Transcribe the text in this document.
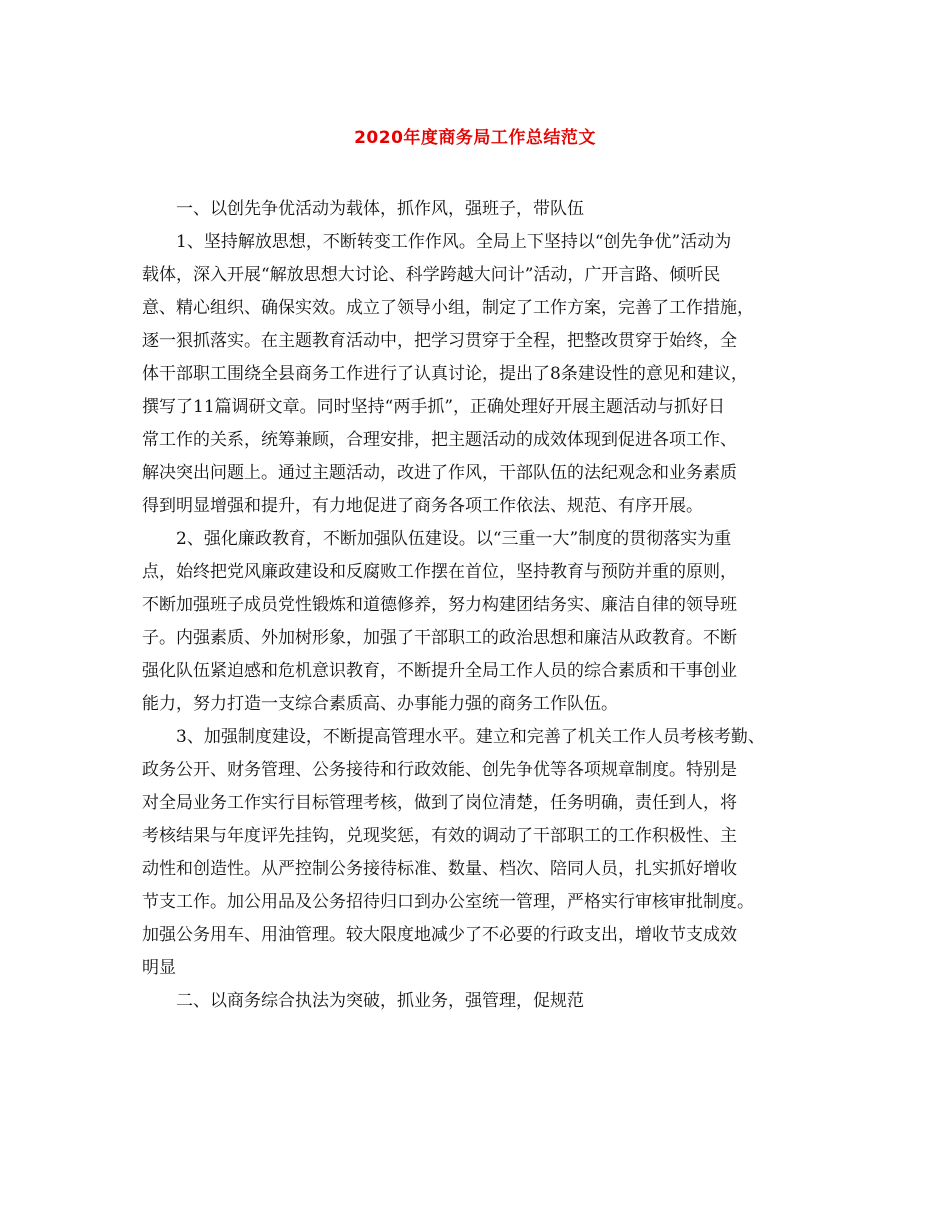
2020年度商务局工作总结范文
一、以创先争优活动为载体，抓作风，强班子，带队伍
1、坚持解放思想，不断转变工作作风。全局上下坚持以“创先争优”活动为
载体，深入开展“解放思想大讨论、科学跨越大问计”活动，广开言路、倾听民
意、精心组织、确保实效。成立了领导小组，制定了工作方案，完善了工作措施，
逐一狠抓落实。在主题教育活动中，把学习贯穿于全程，把整改贯穿于始终，全
体干部职工围绕全县商务工作进行了认真讨论，提出了8条建设性的意见和建议，
撰写了11篇调研文章。同时坚持“两手抓”，正确处理好开展主题活动与抓好日
常工作的关系，统筹兼顾，合理安排，把主题活动的成效体现到促进各项工作、
解决突出问题上。通过主题活动，改进了作风，干部队伍的法纪观念和业务素质
得到明显增强和提升，有力地促进了商务各项工作依法、规范、有序开展。
2、强化廉政教育，不断加强队伍建设。以“三重一大”制度的贯彻落实为重
点，始终把党风廉政建设和反腐败工作摆在首位，坚持教育与预防并重的原则，
不断加强班子成员党性锻炼和道德修养，努力构建团结务实、廉洁自律的领导班
子。内强素质、外加树形象，加强了干部职工的政治思想和廉洁从政教育。不断
强化队伍紧迫感和危机意识教育，不断提升全局工作人员的综合素质和干事创业
能力，努力打造一支综合素质高、办事能力强的商务工作队伍。
3、加强制度建设，不断提高管理水平。建立和完善了机关工作人员考核考勤、
政务公开、财务管理、公务接待和行政效能、创先争优等各项规章制度。特别是
对全局业务工作实行目标管理考核，做到了岗位清楚，任务明确，责任到人，将
考核结果与年度评先挂钩，兑现奖惩，有效的调动了干部职工的工作积极性、主
动性和创造性。从严控制公务接待标准、数量、档次、陪同人员，扎实抓好增收
节支工作。加公用品及公务招待归口到办公室统一管理，严格实行审核审批制度。
加强公务用车、用油管理。较大限度地减少了不必要的行政支出，增收节支成效
明显
二、以商务综合执法为突破，抓业务，强管理，促规范
